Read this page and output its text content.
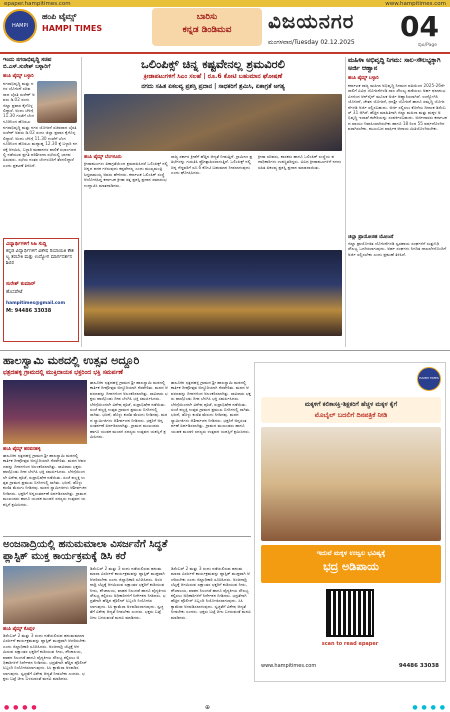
epaper.hampitimes.com	www.hampitimes.com
HAMPI
ಹಂಪಿ ಟೈಮ್ಸ್
HAMPI TIMES
ಬಾರಿಸು
ಕನ್ನಡ ಡಿಂಡಿಮವ	ವಿಜಯನಗರ
ಮಂಗಳವಾರ/Tuesday 02.12.2025 04
ಪುಟ/Page
ಇಂದು ನಗರಾಭಿವೃದ್ಧಿ ಸಚಿವ ಬಿ.ಎಸ್.ಸುರೇಶ್ ಬಳ್ಳಾರಿಗೆ
ಹಂಪಿ ಟೈಮ್ಸ್ ಬಳ್ಳಾರಿ
ನಗರಾಭಿವೃದ್ಧಿ ಮತ್ತು ನಗರ ಯೋಜನೆ ಸಚಿವರಾದ ಬೈರತಿ ಸುರೇಶ್ ಅವರು ಡಿ.02 ರಂದು ಜಿಲ್ಲಾ ಪ್ರವಾಸ ಕೈಗೊಳ್ಳಲಿದ್ದಾರೆ. ಅಂದು ಬೆಳಿಗ್ಗೆ 11.30 ಗಂಟೆಗೆ ಬೆಂಗಳೂರಿನಿಂದ ಹೊರಟು
ನಗರಾಭಿವೃದ್ಧಿ ಮತ್ತು ನಗರ ಯೋಜನೆ ಸಚಿವರಾದ ಬೈರತಿ ಸುರೇಶ್ ಅವರು ಡಿ.02 ರಂದು ಜಿಲ್ಲಾ ಪ್ರವಾಸ ಕೈಗೊಳ್ಳಲಿದ್ದಾರೆ. ಅಂದು ಬೆಳಿಗ್ಗೆ 11.30 ಗಂಟೆಗೆ ಬೆಂಗಳೂರಿನಿಂದ ಹೊರಟು ಮಧ್ಯಾಹ್ನ 12.30 ಕ್ಕೆ ಬಳ್ಳಾರಿ ನಗರಕ್ಕೆ ಆಗಮಿಸಿ, ಬಳ್ಳಾರಿ ಮಹಾನಗರ ಪಾಲಿಕೆ ಸಭಾಂಗಣದಲ್ಲಿ ನಡೆಯುವ ಪ್ರಗತಿ ಪರಿಶೀಲನಾ ಸಭೆಯಲ್ಲಿ ಭಾಗವಹಿಸುವರು. ಸಭೆಯ ನಂತರ ಬೆಂಗಳೂರಿಗೆ ತೆರಳಲಿದ್ದಾರೆ ಎಂದು ಪ್ರಕಟಣೆ ತಿಳಿಸಿದೆ.
ವಿದ್ಯಾರ್ಥಿಗಳಿಗೆ ಸಿಹಿ ಸುದ್ದಿ
ಕನ್ನಡ ವಿದ್ಯಾರ್ಥಿಗಳಿಗೆ ವಿಶೇಷ ರಿಯಾಯಿತಿ ಕೌಶಲ್ಯ ತರಬೇತಿ ಮತ್ತು ಉದ್ಯೋಗ ಮಾರ್ಗದರ್ಶನ ಶಿಬಿರ
ಸುರೇಶ್ ಕುಮಾರ್
ಹೊಸಪೇಟೆ
hampitimes@gmail.com
M: 94486 33038
ಒಲಿಂಪಿಕ್ಸ್ ಚಿನ್ನ ಕಷ್ಟವೇನಲ್ಲ ಶ್ರಮವಿರಲಿ
ಕ್ರೀಡಾಪಟುಗಳಿಗೆ ಸಿಎಂ ಸಲಹೆ | ರೂ.6 ಕೋಟಿ ಬಹುಮಾನ ಘೋಷಣೆ
ನಗದು ಸಹಿತ ಏಕಲವ್ಯ ಪ್ರಶಸ್ತಿ ಪ್ರದಾನ | ಸಾಧಕರಿಗೆ ಶ್ರಮಿಸಿ, ಏಕಾಗ್ರತೆ ಅಗತ್ಯ
ಹಂಪಿ ಟೈಮ್ಸ್ ಬೆಂಗಳೂರು
ಕ್ರೀಡಾಪಟುಗಳು ಏಕಾಗ್ರತೆಯಿಂದ ಶ್ರಮವಹಿಸಿದರೆ ಒಲಿಂಪಿಕ್ಸ್ ನಲ್ಲಿ ಚಿನ್ನದ ಪದಕ ಗಳಿಸುವುದು ಕಷ್ಟವೇನಲ್ಲ ಎಂದು ಮುಖ್ಯಮಂತ್ರಿ ಸಿದ್ದರಾಮಯ್ಯ ಅವರು ಹೇಳಿದರು. ಕರ್ನಾಟಕ ಒಲಿಂಪಿಕ್ ಸಂಸ್ಥೆ ಆಯೋಜಿಸಿದ್ದ ಕರ್ನಾಟಕ ಕ್ರೀಡಾ ರತ್ನ ಪ್ರಶಸ್ತಿ ಪ್ರದಾನ ಸಮಾರಂಭ ಉದ್ಘಾಟಿಸಿ ಮಾತನಾಡಿದರು.
ರಾಜ್ಯ ಸರ್ಕಾರ ಕ್ರೀಡೆಗೆ ಹೆಚ್ಚಿನ ಆದ್ಯತೆ ನೀಡುತ್ತಿದೆ. ಗ್ರಾಮೀಣ ಪ್ರತಿಭೆಗಳನ್ನು ಗುರುತಿಸಿ ಪ್ರೋತ್ಸಾಹಿಸಲಾಗುತ್ತಿದೆ. ಒಲಿಂಪಿಕ್ಸ್ ನಲ್ಲಿ ಚಿನ್ನ ಗೆದ್ದವರಿಗೆ ರೂ.6 ಕೋಟಿ ಬಹುಮಾನ ನೀಡಲಾಗುವುದು ಎಂದು ಘೋಷಿಸಿದರು.
ಕ್ರೀಡಾ ಸಚಿವರು, ಶಾಸಕರು ಹಾಗೂ ಒಲಿಂಪಿಕ್ ಸಂಸ್ಥೆಯ ಪದಾಧಿಕಾರಿಗಳು ಉಪಸ್ಥಿತರಿದ್ದರು. ವಿವಿಧ ಕ್ರೀಡಾಪಟುಗಳಿಗೆ ನಗದು ಸಹಿತ ಏಕಲವ್ಯ ಪ್ರಶಸ್ತಿ ಪ್ರದಾನ ಮಾಡಲಾಯಿತು.
ಮಹಿಳಾ ಅಭಿವೃದ್ಧಿ ನಿಗಮ: ಸಾಲ-ಸೌಲಭ್ಯಕ್ಕಾಗಿ ಅರ್ಜಿ ಆಹ್ವಾನ
ಹಂಪಿ ಟೈಮ್ಸ್ ಬಳ್ಳಾರಿ
ಕರ್ನಾಟಕ ರಾಜ್ಯ ಮಹಿಳಾ ಅಭಿವೃದ್ಧಿ ನಿಗಮದ ವತಿಯಿಂದ 2025-26ನೇ ಸಾಲಿಗೆ ವಿವಿಧ ಯೋಜನೆಗಳಡಿ ಸಾಲ ಸೌಲಭ್ಯ ಪಡೆಯಲು ಅರ್ಹ ಫಲಾನುಭವಿಗಳಿಂದ ಆನ್‌ಲೈನ್ ಮೂಲಕ ಅರ್ಜಿ ಆಹ್ವಾನಿಸಲಾಗಿದೆ. ಉದ್ಯೋಗಿನಿ ಯೋಜನೆ, ಚೇತನ ಯೋಜನೆ, ಧನಶ್ರೀ ಯೋಜನೆ ಹಾಗೂ ಸಮೃದ್ಧಿ ಯೋಜನೆಗಳಡಿ ಅರ್ಜಿ ಸಲ್ಲಿಸಬಹುದು. ಅರ್ಜಿ ಸಲ್ಲಿಸಲು ಕೊನೆಯ ದಿನಾಂಕ ಡಿಸೆಂಬರ್ 31 ಆಗಿದೆ. ಹೆಚ್ಚಿನ ಮಾಹಿತಿಗಾಗಿ ಜಿಲ್ಲಾ ಮಹಿಳಾ ಮತ್ತು ಮಕ್ಕಳ ಅಭಿವೃದ್ಧಿ ಇಲಾಖೆ ಕಚೇರಿಯನ್ನು ಸಂಪರ್ಕಿಸಬಹುದು. ಅರ್ಜಿದಾರರು ಕರ್ನಾಟಕದ ಖಾಯಂ ನಿವಾಸಿಯಾಗಿರಬೇಕು ಹಾಗೂ 18 ರಿಂದ 55 ವರ್ಷದೊಳಗಿನವರಾಗಿರಬೇಕು. ಕುಟುಂಬದ ವಾರ್ಷಿಕ ಆದಾಯ ಮಿತಿಯೊಳಗಿರಬೇಕು.
ಜಿಲ್ಲಾ ಪ್ರಾಯೋಜಿತ ಯೋಜನೆ
ಜಿಲ್ಲಾ ಪ್ರಾಯೋಜಿತ ಯೋಜನೆಗಳಡಿ ಸ್ವಸಹಾಯ ಸಂಘಗಳಿಗೆ ಸುತ್ತುನಿಧಿ ಸೌಲಭ್ಯ ಒದಗಿಸಲಾಗುವುದು. ಅರ್ಹ ಸಂಘಗಳು ನಿಗದಿತ ದಾಖಲೆಗಳೊಂದಿಗೆ ಅರ್ಜಿ ಸಲ್ಲಿಸಬೇಕು ಎಂದು ಪ್ರಕಟಣೆ ತಿಳಿಸಿದೆ.
ಹಾಲಸ್ವಾಮಿ ಮಠದಲ್ಲಿ ಉತ್ಸವ ಅದ್ದೂರಿ
ಛತ್ರದಹಳ್ಳಿ ಗ್ರಾಮದಲ್ಲಿ ಮುಕ್ತಿದಾಯಕ ಭಕ್ತರಿಂದ ಭಕ್ತಿ ಸಮರ್ಪಣೆ
ಹಂಪಿ ಟೈಮ್ಸ್ ಹರಪನಹಳ್ಳಿ
ತಾಲೂಕಿನ ಛತ್ರದಹಳ್ಳಿ ಗ್ರಾಮದ ಶ್ರೀ ಹಾಲಸ್ವಾಮಿ ಮಠದಲ್ಲಿ ಕಾರ್ತಿಕ ದೀಪೋತ್ಸವ ಅದ್ದೂರಿಯಾಗಿ ನೆರವೇರಿತು. ಮಠದ ಆವರಣವನ್ನು ದೀಪಗಳಿಂದ ಅಲಂಕರಿಸಲಾಗಿತ್ತು. ಸಾವಿರಾರು ಭಕ್ತರು ಪಾಲ್ಗೊಂಡು ದೀಪ ಬೆಳಗಿಸಿ ಭಕ್ತಿ ಸಮರ್ಪಿಸಿದರು. ಬೆಳಿಗ್ಗೆಯಿಂದಲೇ ವಿಶೇಷ ಪೂಜೆ, ರುದ್ರಾಭಿಷೇಕ ನಡೆಯಿತು. ಸಂಜೆ ಪಲ್ಲಕ್ಕಿ ಉತ್ಸವ ಗ್ರಾಮದ ಪ್ರಮುಖ ಬೀದಿಗಳಲ್ಲಿ ಸಾಗಿತು. ಭಜನೆ, ಡೊಳ್ಳು ಕುಣಿತ ಮೆರುಗು ನೀಡಿದವು. ಮಠದ ಸ್ವಾಮೀಜಿಗಳು ಆಶೀರ್ವಚನ ನೀಡಿದರು. ಭಕ್ತರಿಗೆ ಅನ್ನಸಂತರ್ಪಣೆ ಏರ್ಪಡಿಸಲಾಗಿತ್ತು. ಗ್ರಾಮದ ಮುಖಂಡರು ಹಾಗೂ ಯುವಕ ಮಂಡಳಿ ಸದಸ್ಯರು ಉತ್ಸವದ ಯಶಸ್ಸಿಗೆ ಶ್ರಮಿಸಿದರು.
ತಾಲೂಕಿನ ಛತ್ರದಹಳ್ಳಿ ಗ್ರಾಮದ ಶ್ರೀ ಹಾಲಸ್ವಾಮಿ ಮಠದಲ್ಲಿ ಕಾರ್ತಿಕ ದೀಪೋತ್ಸವ ಅದ್ದೂರಿಯಾಗಿ ನೆರವೇರಿತು. ಮಠದ ಆವರಣವನ್ನು ದೀಪಗಳಿಂದ ಅಲಂಕರಿಸಲಾಗಿತ್ತು. ಸಾವಿರಾರು ಭಕ್ತರು ಪಾಲ್ಗೊಂಡು ದೀಪ ಬೆಳಗಿಸಿ ಭಕ್ತಿ ಸಮರ್ಪಿಸಿದರು. ಬೆಳಿಗ್ಗೆಯಿಂದಲೇ ವಿಶೇಷ ಪೂಜೆ, ರುದ್ರಾಭಿಷೇಕ ನಡೆಯಿತು. ಸಂಜೆ ಪಲ್ಲಕ್ಕಿ ಉತ್ಸವ ಗ್ರಾಮದ ಪ್ರಮುಖ ಬೀದಿಗಳಲ್ಲಿ ಸಾಗಿತು. ಭಜನೆ, ಡೊಳ್ಳು ಕುಣಿತ ಮೆರುಗು ನೀಡಿದವು. ಮಠದ ಸ್ವಾಮೀಜಿಗಳು ಆಶೀರ್ವಚನ ನೀಡಿದರು. ಭಕ್ತರಿಗೆ ಅನ್ನಸಂತರ್ಪಣೆ ಏರ್ಪಡಿಸಲಾಗಿತ್ತು. ಗ್ರಾಮದ ಮುಖಂಡರು ಹಾಗೂ ಯುವಕ ಮಂಡಳಿ ಸದಸ್ಯರು ಉತ್ಸವದ ಯಶಸ್ಸಿಗೆ ಶ್ರಮಿಸಿದರು.
ತಾಲೂಕಿನ ಛತ್ರದಹಳ್ಳಿ ಗ್ರಾಮದ ಶ್ರೀ ಹಾಲಸ್ವಾಮಿ ಮಠದಲ್ಲಿ ಕಾರ್ತಿಕ ದೀಪೋತ್ಸವ ಅದ್ದೂರಿಯಾಗಿ ನೆರವೇರಿತು. ಮಠದ ಆವರಣವನ್ನು ದೀಪಗಳಿಂದ ಅಲಂಕರಿಸಲಾಗಿತ್ತು. ಸಾವಿರಾರು ಭಕ್ತರು ಪಾಲ್ಗೊಂಡು ದೀಪ ಬೆಳಗಿಸಿ ಭಕ್ತಿ ಸಮರ್ಪಿಸಿದರು. ಬೆಳಿಗ್ಗೆಯಿಂದಲೇ ವಿಶೇಷ ಪೂಜೆ, ರುದ್ರಾಭಿಷೇಕ ನಡೆಯಿತು. ಸಂಜೆ ಪಲ್ಲಕ್ಕಿ ಉತ್ಸವ ಗ್ರಾಮದ ಪ್ರಮುಖ ಬೀದಿಗಳಲ್ಲಿ ಸಾಗಿತು. ಭಜನೆ, ಡೊಳ್ಳು ಕುಣಿತ ಮೆರುಗು ನೀಡಿದವು. ಮಠದ ಸ್ವಾಮೀಜಿಗಳು ಆಶೀರ್ವಚನ ನೀಡಿದರು. ಭಕ್ತರಿಗೆ ಅನ್ನಸಂತರ್ಪಣೆ ಏರ್ಪಡಿಸಲಾಗಿತ್ತು. ಗ್ರಾಮದ ಮುಖಂಡರು ಹಾಗೂ ಯುವಕ ಮಂಡಳಿ ಸದಸ್ಯರು ಉತ್ಸವದ ಯಶಸ್ಸಿಗೆ ಶ್ರಮಿಸಿದರು.
ಅಂಜನಾದ್ರಿಯಲ್ಲಿ ಹನುಮಮಾಲಾ ವಿಸರ್ಜನೆಗೆ ಸಿದ್ಧತೆ
ಪ್ಲಾಸ್ಟಿಕ್ ಮುಕ್ತ ಕಾರ್ಯಕ್ರಮಕ್ಕೆ ಡಿಸಿ ಕರೆ
ಹಂಪಿ ಟೈಮ್ಸ್ ಕೊಪ್ಪಳ
ಡಿಸೆಂಬರ್ 2 ಮತ್ತು 3 ರಂದು ನಡೆಯಲಿರುವ ಹನುಮಮಾಲಾ ವಿಸರ್ಜನೆ ಕಾರ್ಯಕ್ರಮವನ್ನು ಪ್ಲಾಸ್ಟಿಕ್ ಮುಕ್ತವಾಗಿ ಆಚರಿಸಬೇಕು ಎಂದು ಜಿಲ್ಲಾಧಿಕಾರಿ ಸೂಚಿಸಿದರು. ಅಂಜನಾದ್ರಿ ಬೆಟ್ಟಕ್ಕೆ ಆಗಮಿಸುವ ಲಕ್ಷಾಂತರ ಭಕ್ತರಿಗೆ ಕುಡಿಯುವ ನೀರು, ಶೌಚಾಲಯ, ವಾಹನ ನಿಲುಗಡೆ ಹಾಗೂ ವೈದ್ಯಕೀಯ ಸೌಲಭ್ಯ ಕಲ್ಪಿಸಲು ಅಧಿಕಾರಿಗಳಿಗೆ ನಿರ್ದೇಶನ ನೀಡಿದರು. ಭದ್ರತೆಗಾಗಿ ಹೆಚ್ಚಿನ ಪೊಲೀಸ್ ಸಿಬ್ಬಂದಿ ನಿಯೋಜಿಸಲಾಗುವುದು. ಸಿಸಿ ಕ್ಯಾಮೆರಾ ಅಳವಡಿಸಲಾಗುವುದು. ಸ್ವಚ್ಛತೆಗೆ ವಿಶೇಷ ಆದ್ಯತೆ ನೀಡಬೇಕು ಎಂದರು. ಭಕ್ತರು ಬಟ್ಟೆ ಚೀಲ ಬಳಸುವಂತೆ ಮನವಿ ಮಾಡಿದರು.
ಡಿಸೆಂಬರ್ 2 ಮತ್ತು 3 ರಂದು ನಡೆಯಲಿರುವ ಹನುಮಮಾಲಾ ವಿಸರ್ಜನೆ ಕಾರ್ಯಕ್ರಮವನ್ನು ಪ್ಲಾಸ್ಟಿಕ್ ಮುಕ್ತವಾಗಿ ಆಚರಿಸಬೇಕು ಎಂದು ಜಿಲ್ಲಾಧಿಕಾರಿ ಸೂಚಿಸಿದರು. ಅಂಜನಾದ್ರಿ ಬೆಟ್ಟಕ್ಕೆ ಆಗಮಿಸುವ ಲಕ್ಷಾಂತರ ಭಕ್ತರಿಗೆ ಕುಡಿಯುವ ನೀರು, ಶೌಚಾಲಯ, ವಾಹನ ನಿಲುಗಡೆ ಹಾಗೂ ವೈದ್ಯಕೀಯ ಸೌಲಭ್ಯ ಕಲ್ಪಿಸಲು ಅಧಿಕಾರಿಗಳಿಗೆ ನಿರ್ದೇಶನ ನೀಡಿದರು. ಭದ್ರತೆಗಾಗಿ ಹೆಚ್ಚಿನ ಪೊಲೀಸ್ ಸಿಬ್ಬಂದಿ ನಿಯೋಜಿಸಲಾಗುವುದು. ಸಿಸಿ ಕ್ಯಾಮೆರಾ ಅಳವಡಿಸಲಾಗುವುದು. ಸ್ವಚ್ಛತೆಗೆ ವಿಶೇಷ ಆದ್ಯತೆ ನೀಡಬೇಕು ಎಂದರು. ಭಕ್ತರು ಬಟ್ಟೆ ಚೀಲ ಬಳಸುವಂತೆ ಮನವಿ ಮಾಡಿದರು.
ಡಿಸೆಂಬರ್ 2 ಮತ್ತು 3 ರಂದು ನಡೆಯಲಿರುವ ಹನುಮಮಾಲಾ ವಿಸರ್ಜನೆ ಕಾರ್ಯಕ್ರಮವನ್ನು ಪ್ಲಾಸ್ಟಿಕ್ ಮುಕ್ತವಾಗಿ ಆಚರಿಸಬೇಕು ಎಂದು ಜಿಲ್ಲಾಧಿಕಾರಿ ಸೂಚಿಸಿದರು. ಅಂಜನಾದ್ರಿ ಬೆಟ್ಟಕ್ಕೆ ಆಗಮಿಸುವ ಲಕ್ಷಾಂತರ ಭಕ್ತರಿಗೆ ಕುಡಿಯುವ ನೀರು, ಶೌಚಾಲಯ, ವಾಹನ ನಿಲುಗಡೆ ಹಾಗೂ ವೈದ್ಯಕೀಯ ಸೌಲಭ್ಯ ಕಲ್ಪಿಸಲು ಅಧಿಕಾರಿಗಳಿಗೆ ನಿರ್ದೇಶನ ನೀಡಿದರು. ಭದ್ರತೆಗಾಗಿ ಹೆಚ್ಚಿನ ಪೊಲೀಸ್ ಸಿಬ್ಬಂದಿ ನಿಯೋಜಿಸಲಾಗುವುದು. ಸಿಸಿ ಕ್ಯಾಮೆರಾ ಅಳವಡಿಸಲಾಗುವುದು. ಸ್ವಚ್ಛತೆಗೆ ವಿಶೇಷ ಆದ್ಯತೆ ನೀಡಬೇಕು ಎಂದರು. ಭಕ್ತರು ಬಟ್ಟೆ ಚೀಲ ಬಳಸುವಂತೆ ಮನವಿ ಮಾಡಿದರು.
HAMPI TIMES
ಮಕ್ಕಳಿಗೆ ಕಲಿಕಾಸಕ್ತಿ-ಶಿಕ್ಷಕರಿಗೆ ಹೆಚ್ಚಳ ಮಕ್ಕಳ ಕೈಗೆ
ಮೊಬೈಲ್ ಬದಲಿಗೆ ದಿನಪತ್ರಿಕೆ ನೀಡಿ
ಇದುವೆ ಮಕ್ಕಳ ಉಜ್ವಲ ಭವಿಷ್ಯಕ್ಕೆ
ಭದ್ರ ಅಡಿಪಾಯ
scan to read epaper
www.hampitimes.com	94486 33038
● ● ● ●	⊕	● ● ● ●
